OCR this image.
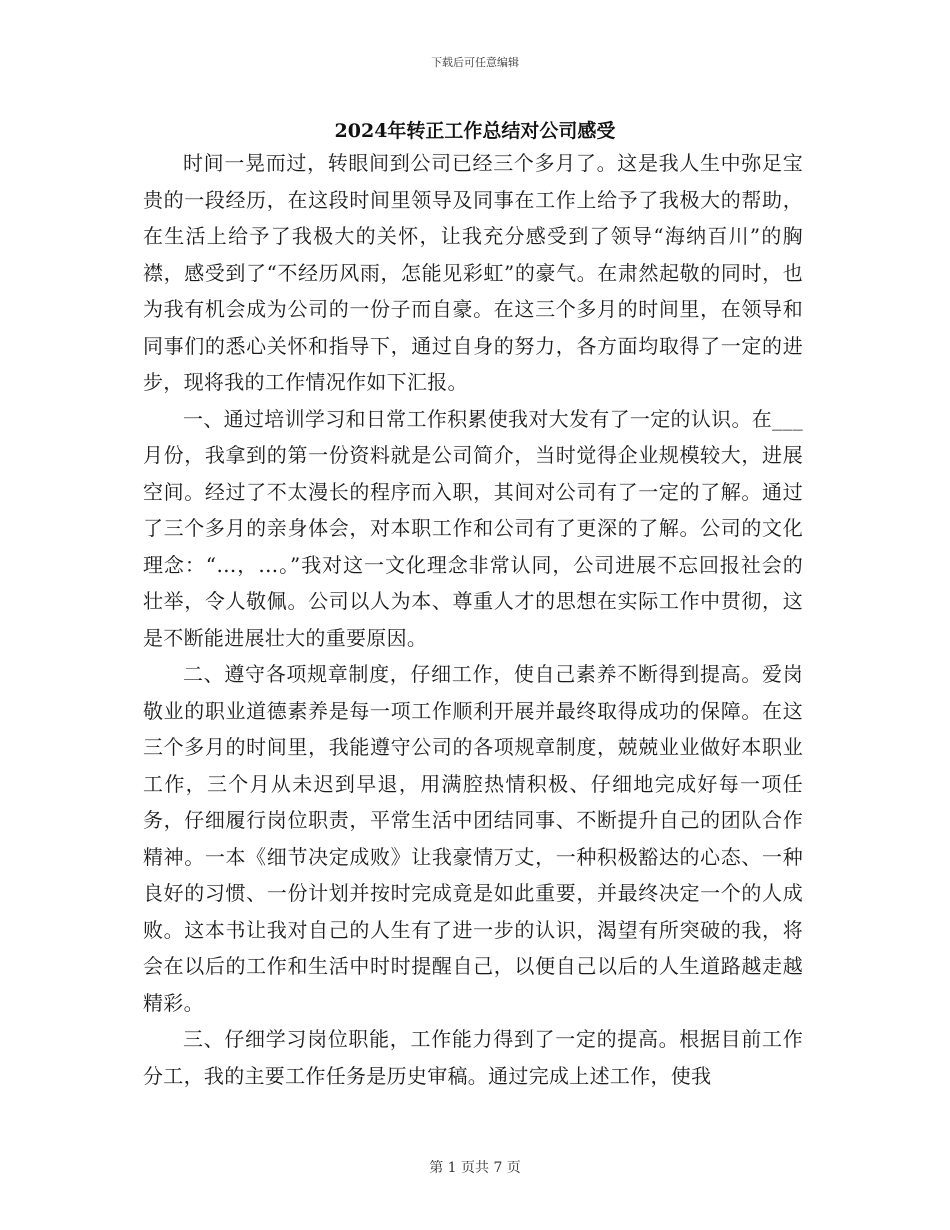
下载后可任意编辑
2024年转正工作总结对公司感受

时间一晃而过，转眼间到公司已经三个多月了。这是我人生中弥足宝贵的一段经历，在这段时间里领导及同事在工作上给予了我极大的帮助，在生活上给予了我极大的关怀，让我充分感受到了领导“海纳百川”的胸襟，感受到了“不经历风雨，怎能见彩虹”的豪气。在肃然起敬的同时，也为我有机会成为公司的一份子而自豪。在这三个多月的时间里，在领导和同事们的悉心关怀和指导下，通过自身的努力，各方面均取得了一定的进步，现将我的工作情况作如下汇报。

一、通过培训学习和日常工作积累使我对大发有了一定的认识。在___月份，我拿到的第一份资料就是公司简介，当时觉得企业规模较大，进展空间。经过了不太漫长的程序而入职，其间对公司有了一定的了解。通过了三个多月的亲身体会，对本职工作和公司有了更深的了解。公司的文化理念：“…，…。”我对这一文化理念非常认同，公司进展不忘回报社会的壮举，令人敬佩。公司以人为本、尊重人才的思想在实际工作中贯彻，这是不断能进展壮大的重要原因。

二、遵守各项规章制度，仔细工作，使自己素养不断得到提高。爱岗敬业的职业道德素养是每一项工作顺利开展并最终取得成功的保障。在这三个多月的时间里，我能遵守公司的各项规章制度，兢兢业业做好本职业工作，三个月从未迟到早退，用满腔热情积极、仔细地完成好每一项任务，仔细履行岗位职责，平常生活中团结同事、不断提升自己的团队合作精神。一本《细节决定成败》让我豪情万丈，一种积极豁达的心态、一种良好的习惯、一份计划并按时完成竟是如此重要，并最终决定一个的人成败。这本书让我对自己的人生有了进一步的认识，渴望有所突破的我，将会在以后的工作和生活中时时提醒自己，以便自己以后的人生道路越走越精彩。

三、仔细学习岗位职能，工作能力得到了一定的提高。根据目前工作分工，我的主要工作任务是历史审稿。通过完成上述工作，使我

第 1 页共 7 页
